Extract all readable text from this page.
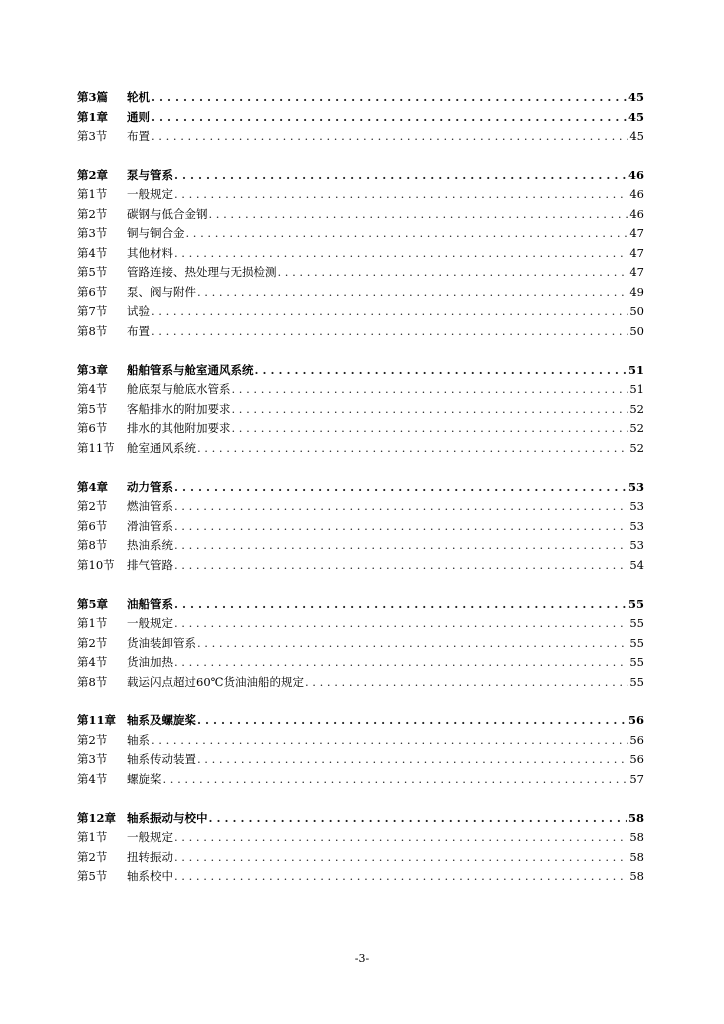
第3篇	轮机 . . .	45
第1章	通则 . . .	45
第3节	布置 . . .	45
第2章	泵与管系 . . .	46
第1节	一般规定 . . .	46
第2节	碳钢与低合金钢 . . .	46
第3节	铜与铜合金 . . .	47
第4节	其他材料 . . .	47
第5节	管路连接、热处理与无损检测 . . .	47
第6节	泵、阀与附件 . . .	49
第7节	试验 . . .	50
第8节	布置 . . .	50
第3章	船舶管系与舱室通风系统 . . .	51
第4节	舱底泵与舱底水管系 . . .	51
第5节	客船排水的附加要求 . . .	52
第6节	排水的其他附加要求 . . .	52
第11节	舱室通风系统 . . .	52
第4章	动力管系 . . .	53
第2节	燃油管系 . . .	53
第6节	滑油管系 . . .	53
第8节	热油系统 . . .	53
第10节	排气管路 . . .	54
第5章	油船管系 . . .	55
第1节	一般规定 . . .	55
第2节	货油装卸管系 . . .	55
第4节	货油加热 . . .	55
第8节	载运闪点超过60℃货油油船的规定 . . .	55
第11章 轴系及螺旋桨 . . .	56
第2节	轴系 . . .	56
第3节	轴系传动装置 . . .	56
第4节	螺旋桨 . . .	57
第12章 轴系振动与校中 . . .	58
第1节	一般规定 . . .	58
第2节	扭转振动 . . .	58
第5节	轴系校中 . . .	58
-3-
